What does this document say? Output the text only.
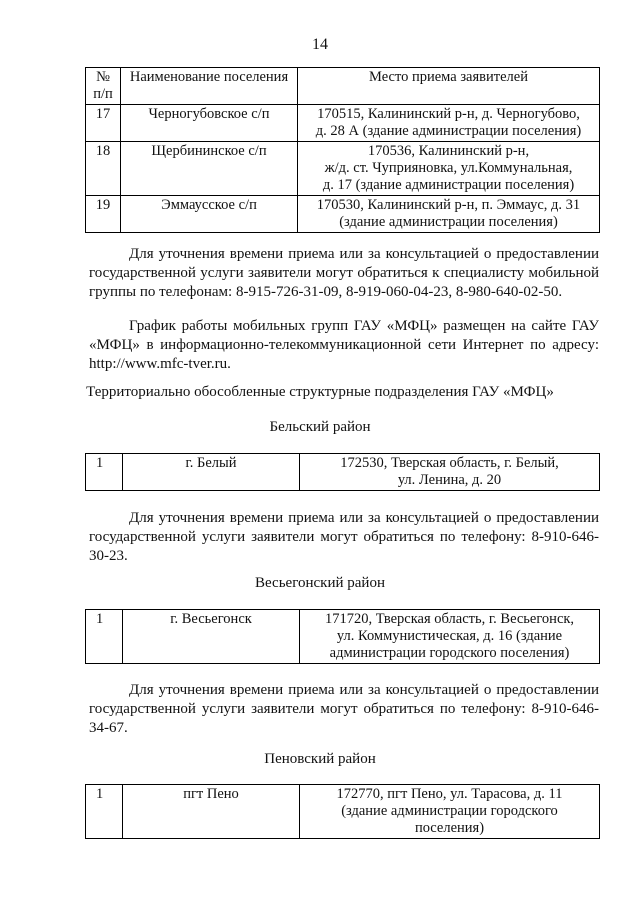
14
№ п/п	Наименование поселения	Место приема заявителей
17	Черногубовское с/п	170515, Калининский р-н, д. Черногубово,
д. 28 А (здание администрации поселения)

18	Щербининское с/п	170536, Калининский р-н,
ж/д. ст. Чуприяновка, ул.Коммунальная,
д. 17 (здание администрации поселения)

19	Эммаусское с/п	170530, Калининский р-н, п. Эммаус, д. 31
(здание администрации поселения)
Для уточнения времени приема или за консультацией о предоставлении государственной услуги заявители могут обратиться к специалисту мобильной группы по телефонам: 8-915-726-31-09, 8-919-060-04-23, 8-980-640-02-50.
График работы мобильных групп ГАУ «МФЦ» размещен на сайте ГАУ «МФЦ» в информационно-телекоммуникационной сети Интернет по адресу: http://www.mfc-tver.ru.
Территориально обособленные структурные подразделения ГАУ «МФЦ»
Бельский район
1	г. Белый	172530, Тверская область, г. Белый,
ул. Ленина, д. 20
Для уточнения времени приема или за консультацией о предоставлении государственной услуги заявители могут обратиться по телефону: 8-910-646-30-23.
Весьегонский район
1	г. Весьегонск	171720, Тверская область, г. Весьегонск,
ул. Коммунистическая, д. 16 (здание
администрации городского поселения)
Для уточнения времени приема или за консультацией о предоставлении государственной услуги заявители могут обратиться по телефону: 8-910-646-34-67.
Пеновский район
1	пгт Пено	172770, пгт Пено, ул. Тарасова, д. 11
(здание администрации городского
поселения)
